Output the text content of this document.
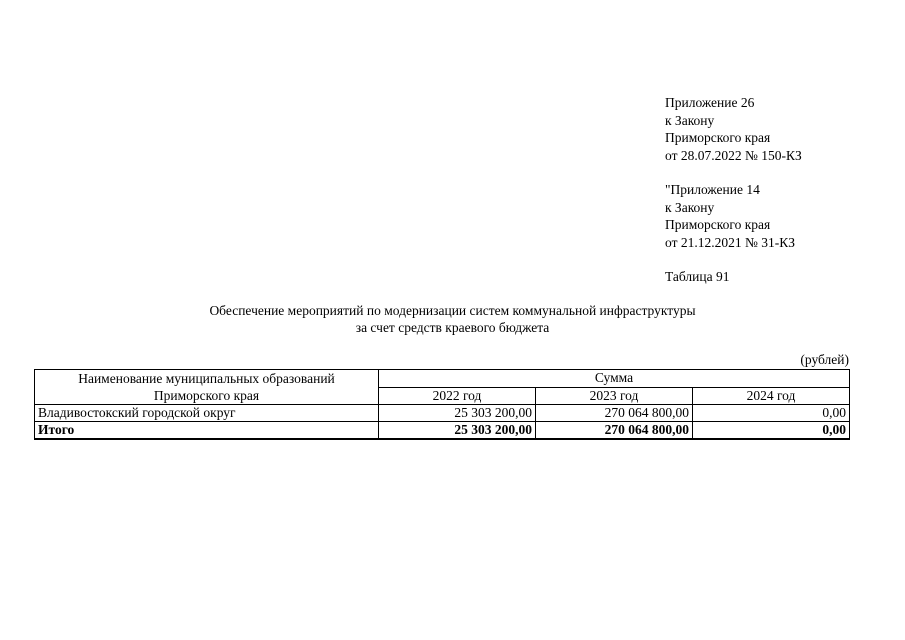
Приложение 26
к Закону
Приморского края
от 28.07.2022 № 150-КЗ
"Приложение 14
к Закону
Приморского края
от 21.12.2021 № 31-КЗ
Таблица 91
Обеспечение мероприятий по модернизации систем коммунальной инфраструктуры
за счет средств краевого бюджета
(рублей)
Наименование муниципальных образований Приморского края	Сумма		
	2022 год	2023 год	2024 год
Владивостокский городской округ	25 303 200,00	270 064 800,00	0,00
Итого	25 303 200,00	270 064 800,00	0,00
